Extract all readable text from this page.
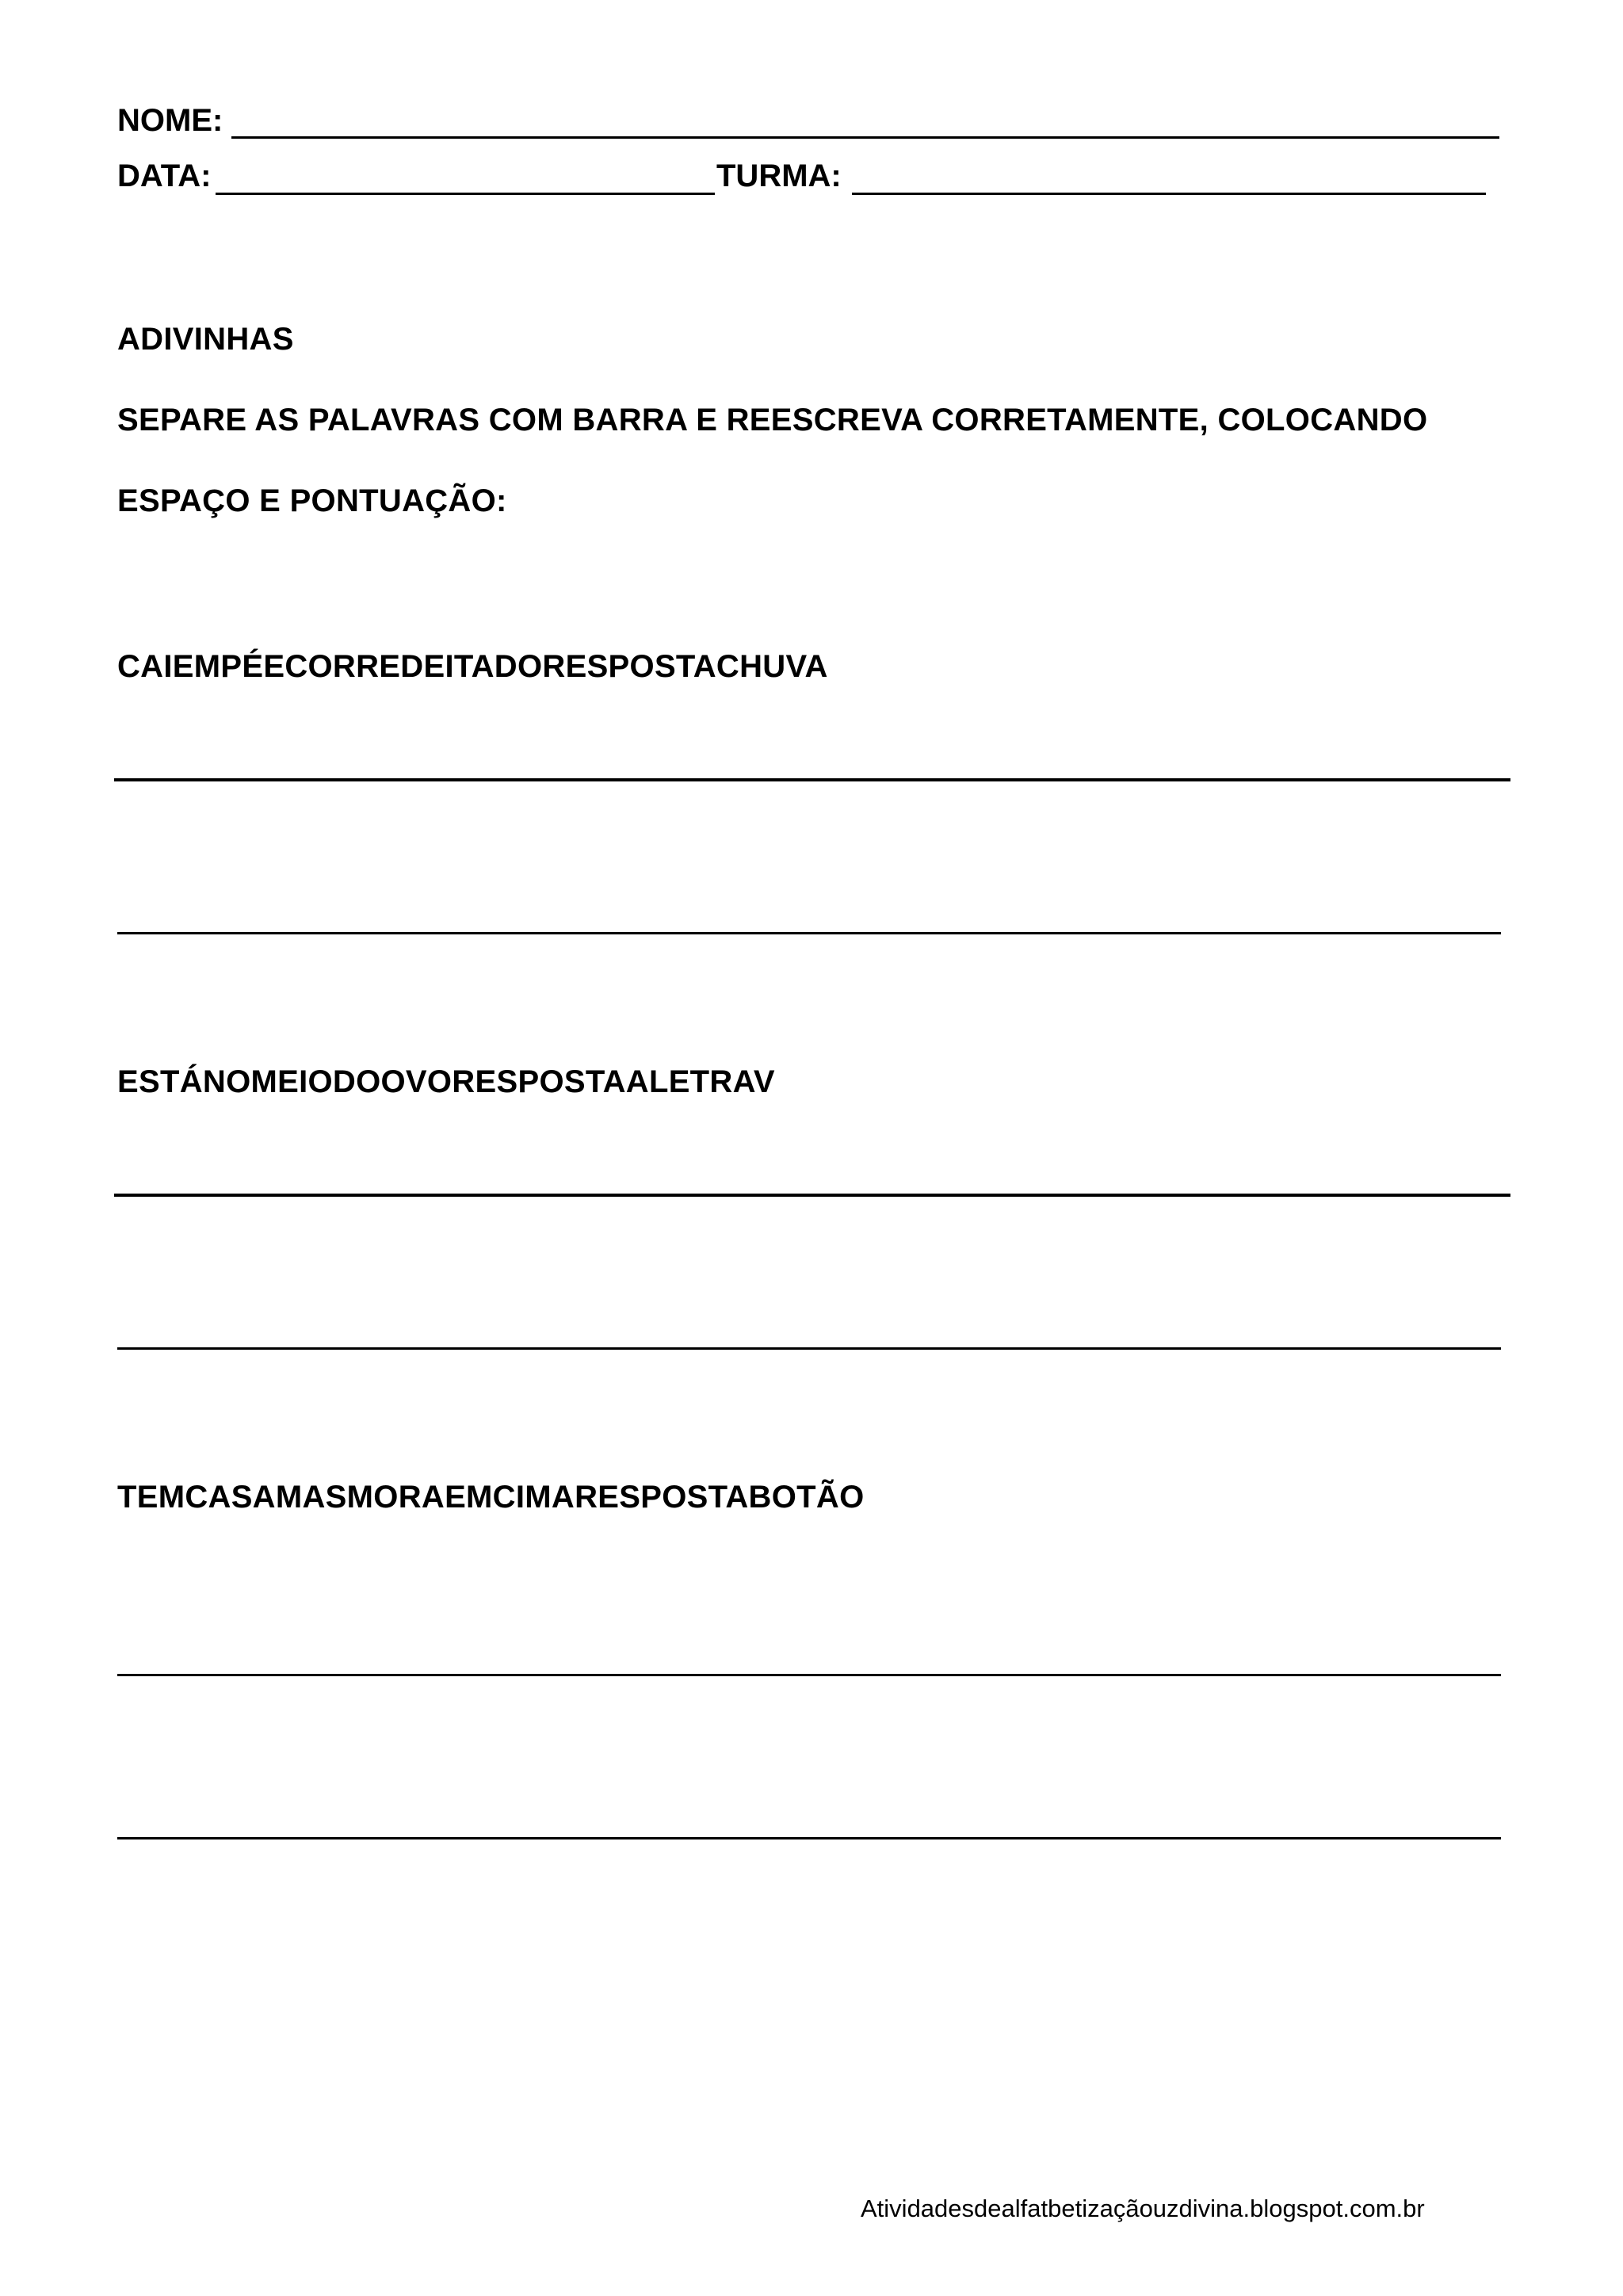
NOME:
DATA:	TURMA:
ADIVINHAS
SEPARE AS PALAVRAS COM BARRA E REESCREVA CORRETAMENTE, COLOCANDO
ESPAÇO E PONTUAÇÃO:
CAIEMPÉECORREDEITADORESPOSTACHUVA
ESTÁNOMEIODOOVORESPOSTAALETRAV
TEMCASAMASMORAEMCIMARESPOSTABOTÃO
Atividadesdealfatbetizaçãouzdivina.blogspot.com.br
